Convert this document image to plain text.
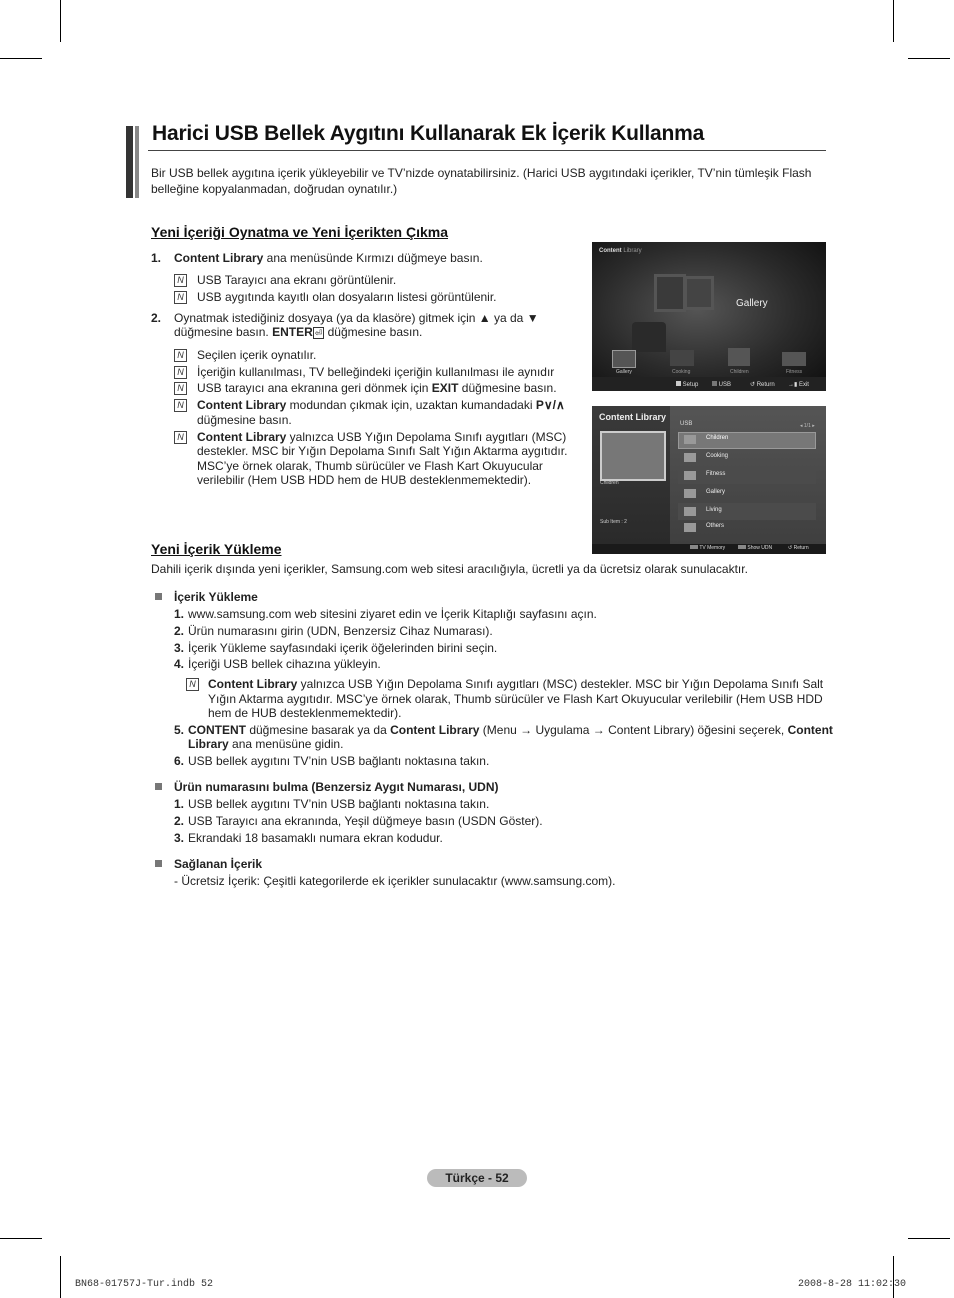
Harici USB Bellek Aygıtını Kullanarak Ek İçerik Kullanma
Bir USB bellek aygıtına içerik yükleyebilir ve TV’nizde oynatabilirsiniz. (Harici USB aygıtındaki içerikler, TV’nin tümleşik Flash
belleğine kopyalanmadan, doğrudan oynatılır.)
Yeni İçeriği Oynatma ve Yeni İçerikten Çıkma
1. Content Library ana menüsünde Kırmızı düğmeye basın.
N USB Tarayıcı ana ekranı görüntülenir.
N USB aygıtında kayıtlı olan dosyaların listesi görüntülenir.
2. Oynatmak istediğiniz dosyaya (ya da klasöre) gitmek için ▲ ya da ▼
düğmesine basın. ENTER ⏎ düğmesine basın.
N Seçilen içerik oynatılır.
N İçeriğin kullanılması, TV belleğindeki içeriğin kullanılması ile aynıdır
N USB tarayıcı ana ekranına geri dönmek için EXIT düğmesine basın.
N Content Library modundan çıkmak için, uzaktan kumandadaki P∨/∧
düğmesine basın.
N Content Library yalnızca USB Yığın Depolama Sınıfı aygıtları (MSC)
destekler. MSC bir Yığın Depolama Sınıfı Salt Yığın Aktarma aygıtıdır.
MSC’ye örnek olarak, Thumb sürücüler ve Flash Kart Okuyucular
verilebilir (Hem USB HDD hem de HUB desteklenmemektedir).
Content Library
Gallery
Gallery	Cooking	Children	Fitness
Setup	USB	↺ Return →▮ Exit
Content Library
Children
Sub Item : 2
USB	◂ 1/1 ▸
Children
Cooking
Fitness
Gallery
Living
Others
TV Memory	Show UDN	↺ Return
Yeni İçerik Yükleme
Dahili içerik dışında yeni içerikler, Samsung.com web sitesi aracılığıyla, ücretli ya da ücretsiz olarak sunulacaktır.
İçerik Yükleme
1. www.samsung.com web sitesini ziyaret edin ve İçerik Kitaplığı sayfasını açın.
2. Ürün numarasını girin (UDN, Benzersiz Cihaz Numarası).
3. İçerik Yükleme sayfasındaki içerik öğelerinden birini seçin.
4. İçeriği USB bellek cihazına yükleyin.
N Content Library yalnızca USB Yığın Depolama Sınıfı aygıtları (MSC) destekler. MSC bir Yığın Depolama Sınıfı Salt
Yığın Aktarma aygıtıdır. MSC’ye örnek olarak, Thumb sürücüler ve Flash Kart Okuyucular verilebilir (Hem USB HDD
hem de HUB desteklenmemektedir).
5. CONTENT düğmesine basarak ya da Content Library (Menu → Uygulama → Content Library) öğesini seçerek, Content
Library ana menüsüne gidin.
6. USB bellek aygıtını TV’nin USB bağlantı noktasına takın.
Ürün numarasını bulma (Benzersiz Aygıt Numarası, UDN)
1. USB bellek aygıtını TV’nin USB bağlantı noktasına takın.
2. USB Tarayıcı ana ekranında, Yeşil düğmeye basın (USDN Göster).
3. Ekrandaki 18 basamaklı numara ekran kodudur.
Sağlanan İçerik
- Ücretsiz İçerik: Çeşitli kategorilerde ek içerikler sunulacaktır (www.samsung.com).
Türkçe - 52
BN68-01757J-Tur.indb 52	2008-8-28 11:02:30
